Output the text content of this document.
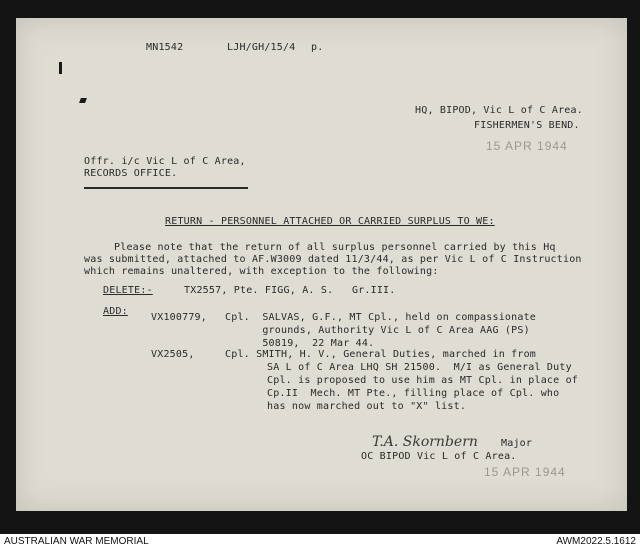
MN1542	LJH/GH/15/4 p.
HQ, BIPOD, Vic L of C Area.
FISHERMEN'S BEND.
15 APR 1944
Offr. i/c Vic L of C Area,
RECORDS OFFICE.
RETURN - PERSONNEL ATTACHED OR CARRIED SURPLUS TO WE:
Please note that the return of all surplus personnel carried by this Hq
was submitted, attached to AF.W3009 dated 11/3/44, as per Vic L of C Instruction
which remains unaltered, with exception to the following:
DELETE:-	TX2557, Pte. FIGG, A. S.   Gr.III.
ADD:
VX100779, Cpl.  SALVAS, G.F., MT Cpl., held on compassionate
grounds, Authority Vic L of C Area AAG (PS)
50819,  22 Mar 44.
VX2505,	Cpl. SMITH, H. V., General Duties, marched in from
SA L of C Area LHQ SH 21500.  M/I as General Duty
Cpl. is proposed to use him as MT Cpl. in place of
Cp.II  Mech. MT Pte., filling place of Cpl. who
has now marched out to "X" list.
T.A. Skornbern Major
OC BIPOD Vic L of C Area.
15 APR 1944
AUSTRALIAN WAR MEMORIAL	AWM2022.5.1612
